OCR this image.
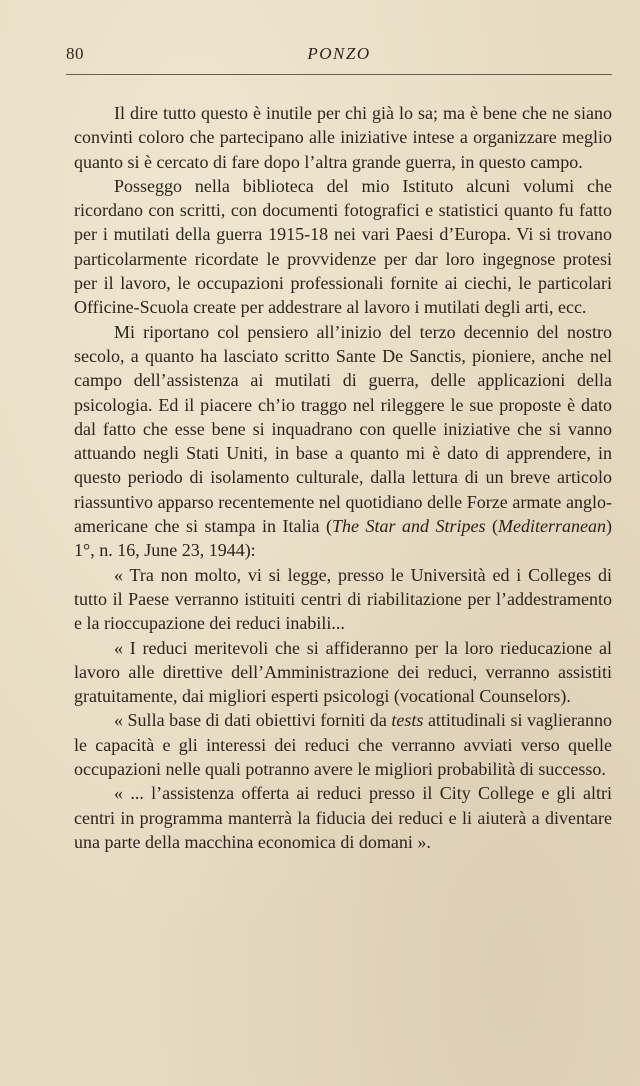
80	PONZO

Il dire tutto questo è inutile per chi già lo sa; ma è bene che ne siano convinti coloro che partecipano alle iniziative intese a organizzare meglio quanto si è cercato di fare dopo l’altra grande guerra, in questo campo.

Posseggo nella biblioteca del mio Istituto alcuni volumi che ricordano con scritti, con documenti fotografici e statistici quanto fu fatto per i mutilati della guerra 1915-18 nei vari Paesi d’Europa. Vi si trovano particolarmente ricordate le provvidenze per dar loro ingegnose protesi per il lavoro, le occupazioni professionali fornite ai ciechi, le particolari Officine-Scuola create per addestrare al lavoro i mutilati degli arti, ecc.

Mi riportano col pensiero all’inizio del terzo decennio del nostro secolo, a quanto ha lasciato scritto Sante De Sanctis, pioniere, anche nel campo dell’assistenza ai mutilati di guerra, delle applicazioni della psicologia. Ed il piacere ch’io traggo nel rileggere le sue proposte è dato dal fatto che esse bene si inquadrano con quelle iniziative che si vanno attuando negli Stati Uniti, in base a quanto mi è dato di apprendere, in questo periodo di isolamento culturale, dalla lettura di un breve articolo riassuntivo apparso recentemente nel quotidiano delle Forze armate anglo-americane che si stampa in Italia (The Star and Stripes (Mediterranean) 1°, n. 16, June 23, 1944):

« Tra non molto, vi si legge, presso le Università ed i Colleges di tutto il Paese verranno istituiti centri di riabilitazione per l’addestramento e la rioccupazione dei reduci inabili...

« I reduci meritevoli che si affideranno per la loro rieducazione al lavoro alle direttive dell’Amministrazione dei reduci, verranno assistiti gratuitamente, dai migliori esperti psicologi (vocational Counselors).

« Sulla base di dati obiettivi forniti da tests attitudinali si vaglieranno le capacità e gli interessi dei reduci che verranno avviati verso quelle occupazioni nelle quali potranno avere le migliori probabilità di successo.

« ... l’assistenza offerta ai reduci presso il City College e gli altri centri in programma manterrà la fiducia dei reduci e li aiuterà a diventare una parte della macchina economica di domani ».
